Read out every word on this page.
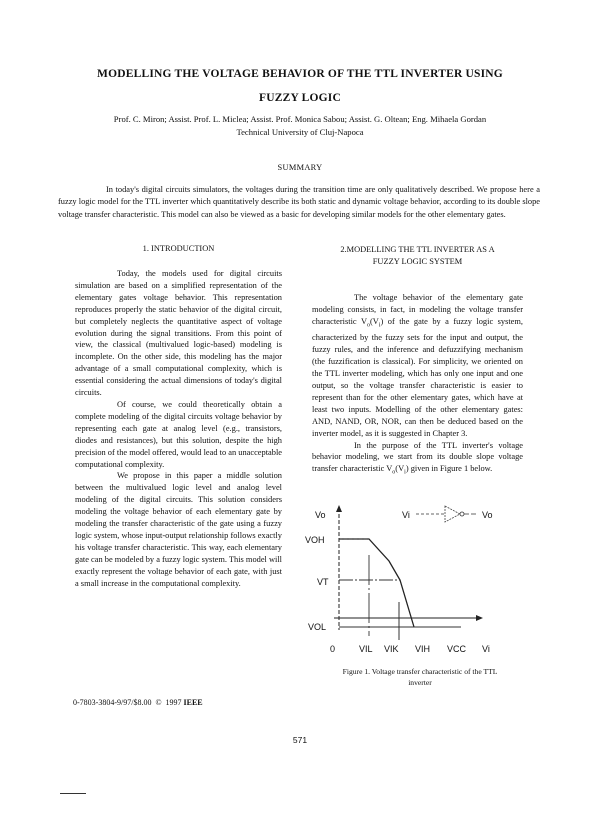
MODELLING THE VOLTAGE BEHAVIOR OF THE TTL INVERTER USING
FUZZY LOGIC
Prof. C. Miron; Assist. Prof. L. Miclea; Assist. Prof. Monica Sabou; Assist. G. Oltean; Eng. Mihaela Gordan
Technical University of Cluj-Napoca
SUMMARY
In today's digital circuits simulators, the voltages during the transition time are only qualitatively described. We propose here a fuzzy logic model for the TTL inverter which quantitatively describe its both static and dynamic voltage behavior, according to its double slope voltage transfer characteristic. This model can also be viewed as a basic for developing similar models for the other elementary gates.
1. INTRODUCTION

Today, the models used for digital circuits simulation are based on a simplified representation of the elementary gates voltage behavior. This representation reproduces properly the static behavior of the digital circuit, but completely neglects the quantitative aspect of voltage evolution during the signal transitions. From this point of view, the classical (multivalued logic-based) modeling is incomplete. On the other side, this modeling has the major advantage of a small computational complexity, which is essential considering the actual dimensions of today's digital circuits.

Of course, we could theoretically obtain a complete modeling of the digital circuits voltage behavior by representing each gate at analog level (e.g., transistors, diodes and resistances), but this solution, despite the high precision of the model offered, would lead to an unacceptable computational complexity.

We propose in this paper a middle solution between the multivalued logic level and analog level modeling of the digital circuits. This solution considers modeling the voltage behavior of each elementary gate by modeling the transfer characteristic of the gate using a fuzzy logic system, whose input-output relationship follows exactly his voltage transfer characteristic. This way, each elementary gate can be modeled by a fuzzy logic system. This model will exactly represent the voltage behavior of each gate, with just a small increase in the computational complexity.

2.MODELLING THE TTL INVERTER AS A
FUZZY LOGIC SYSTEM

The voltage behavior of the elementary gate modeling consists, in fact, in modeling the voltage transfer characteristic $V_o(V_i)$ of the gate by a fuzzy logic system, characterized by the fuzzy sets for the input and output, the fuzzy rules, and the inference and defuzzifying mechanism (the fuzzification is classical). For simplicity, we oriented on the TTL inverter modeling, which has only one input and one output, so the voltage transfer characteristic is easier to represent than for the other elementary gates, which have at least two inputs. Modelling of the other elementary gates: AND, NAND, OR, NOR, can then be deduced based on the inverter model, as it is suggested in Chapter 3.

In the purpose of the TTL inverter's voltage behavior modeling, we start from its double slope voltage transfer characteristic $V_o(V_i)$ given in Figure 1 below.

Vo
VOH
VT
VOL
0	VIL VIK VIH VCC Vi
Vi	Vo
Figure 1. Voltage transfer characteristic of the TTL
inverter
0-7803-3804-9/97/$8.00  ©  1997 IEEE
571
